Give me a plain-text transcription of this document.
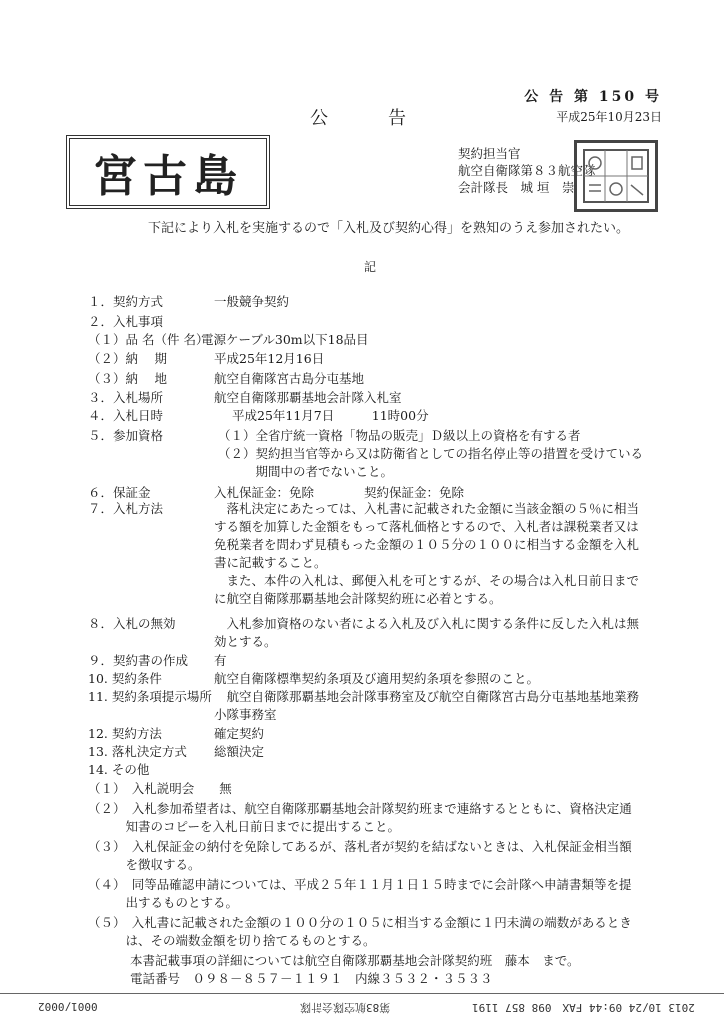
公 告 第 150 号
公告	平成25年10月23日
宮古島	契約担当官
航空自衛隊第８３航空隊
会計隊長　城 垣　崇
下記により入札を実施するので「入札及び契約心得」を熟知のうえ参加されたい。
記
１．契約方式	一般競争契約
２．入札事項
（１）品 名（件 名）
電源ケーブル30m以下18品目
（２）納　 期	平成25年12月16日
（３）納　 地	航空自衛隊宮古島分屯基地
３．入札場所	航空自衛隊那覇基地会計隊入札室
４．入札日時	平成25年11月7日　　　11時00分
５．参加資格	（１）全省庁統一資格「物品の販売」Ｄ級以上の資格を有する者
（２）契約担当官等から又は防衛省としての指名停止等の措置を受けている
　　　期間中の者でないこと。
６．保証金	入札保証金：免除　　　　契約保証金：免除
７．入札方法	　落札決定にあたっては、入札書に記載された金額に当該金額の５％に相当
する額を加算した金額をもって落札価格とするので、入札者は課税業者又は
免税業者を問わず見積もった金額の１０５分の１００に相当する金額を入札
書に記載すること。
　また、本件の入札は、郵便入札を可とするが、その場合は入札日前日まで
に航空自衛隊那覇基地会計隊契約班に必着とする。
８．入札の無効	　入札参加資格のない者による入札及び入札に関する条件に反した入札は無
効とする。
９．契約書の作成 有
10. 契約条件	航空自衛隊標準契約条項及び適用契約条項を参照のこと。
11. 契約条項提示場所 　航空自衛隊那覇基地会計隊事務室及び航空自衛隊宮古島分屯基地基地業務
小隊事務室
12. 契約方法	確定契約
13. 落札決定方式 総額決定
14. その他
（１）　入札説明会　　無
（２）　入札参加希望者は、航空自衛隊那覇基地会計隊契約班まで連絡するとともに、資格決定通
　　　知書のコピーを入札日前日までに提出すること。
（３）　入札保証金の納付を免除してあるが、落札者が契約を結ばないときは、入札保証金相当額
　　　を徴収する。
（４）　同等品確認申請については、平成２５年１１月１日１５時までに会計隊へ申請書類等を提
　　　出するものとする。
（５）　入札書に記載された金額の１００分の１０５に相当する金額に１円未満の端数があるとき
　　　は、その端数金額を切り捨てるものとする。
本書記載事項の詳細については航空自衛隊那覇基地会計隊契約班　藤本　まで。
電話番号　０９８－８５７－１１９１　内線３５３２・３５３３
0001/0002	第83航空隊会計隊	2013 10/24 09:44 FAX　098 857 1191
